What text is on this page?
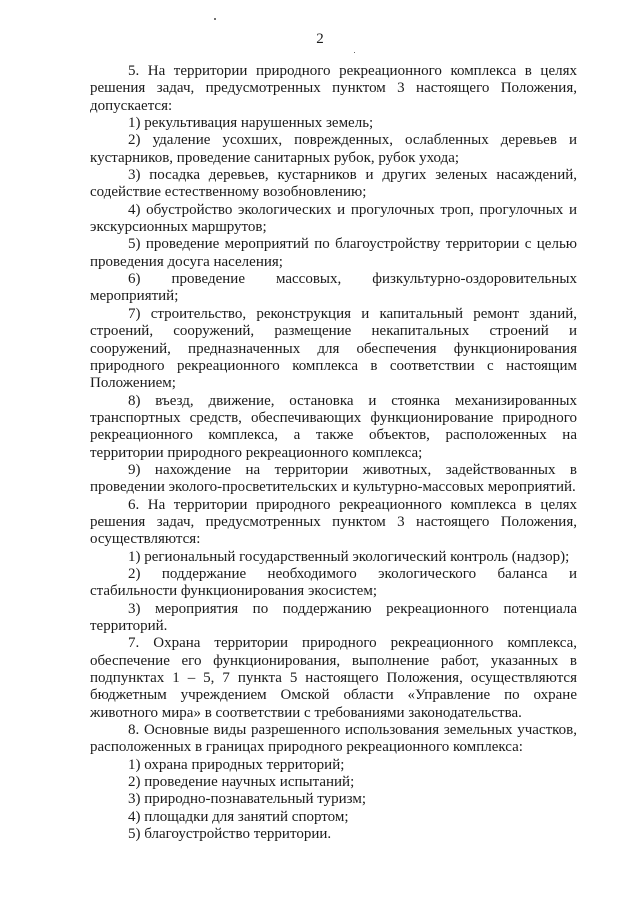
2

5. На территории природного рекреационного комплекса в целях решения задач, предусмотренных пунктом 3 настоящего Положения, допускается:

1) рекультивация нарушенных земель;

2) удаление усохших, поврежденных, ослабленных деревьев и кустарников, проведение санитарных рубок, рубок ухода;

3) посадка деревьев, кустарников и других зеленых насаждений, содействие естественному возобновлению;

4) обустройство экологических и прогулочных троп, прогулочных и экскурсионных маршрутов;

5) проведение мероприятий по благоустройству территории с целью проведения досуга населения;

6) проведение массовых, физкультурно-оздоровительных мероприятий;

7) строительство, реконструкция и капитальный ремонт зданий, строений, сооружений, размещение некапитальных строений и сооружений, предназначенных для обеспечения функционирования природного рекреационного комплекса в соответствии с настоящим Положением;

8) въезд, движение, остановка и стоянка механизированных транспортных средств, обеспечивающих функционирование природного рекреационного комплекса, а также объектов, расположенных на территории природного рекреационного комплекса;

9) нахождение на территории животных, задействованных в проведении эколого-просветительских и культурно-массовых мероприятий.

6. На территории природного рекреационного комплекса в целях решения задач, предусмотренных пунктом 3 настоящего Положения, осуществляются:

1) региональный государственный экологический контроль (надзор);

2) поддержание необходимого экологического баланса и стабильности функционирования экосистем;

3) мероприятия по поддержанию рекреационного потенциала территорий.

7. Охрана территории природного рекреационного комплекса, обеспечение его функционирования, выполнение работ, указанных в подпунктах 1 – 5, 7 пункта 5 настоящего Положения, осуществляются бюджетным учреждением Омской области «Управление по охране животного мира» в соответствии с требованиями законодательства.

8. Основные виды разрешенного использования земельных участков, расположенных в границах природного рекреационного комплекса:

1) охрана природных территорий;

2) проведение научных испытаний;

3) природно-познавательный туризм;

4) площадки для занятий спортом;

5) благоустройство территории.
